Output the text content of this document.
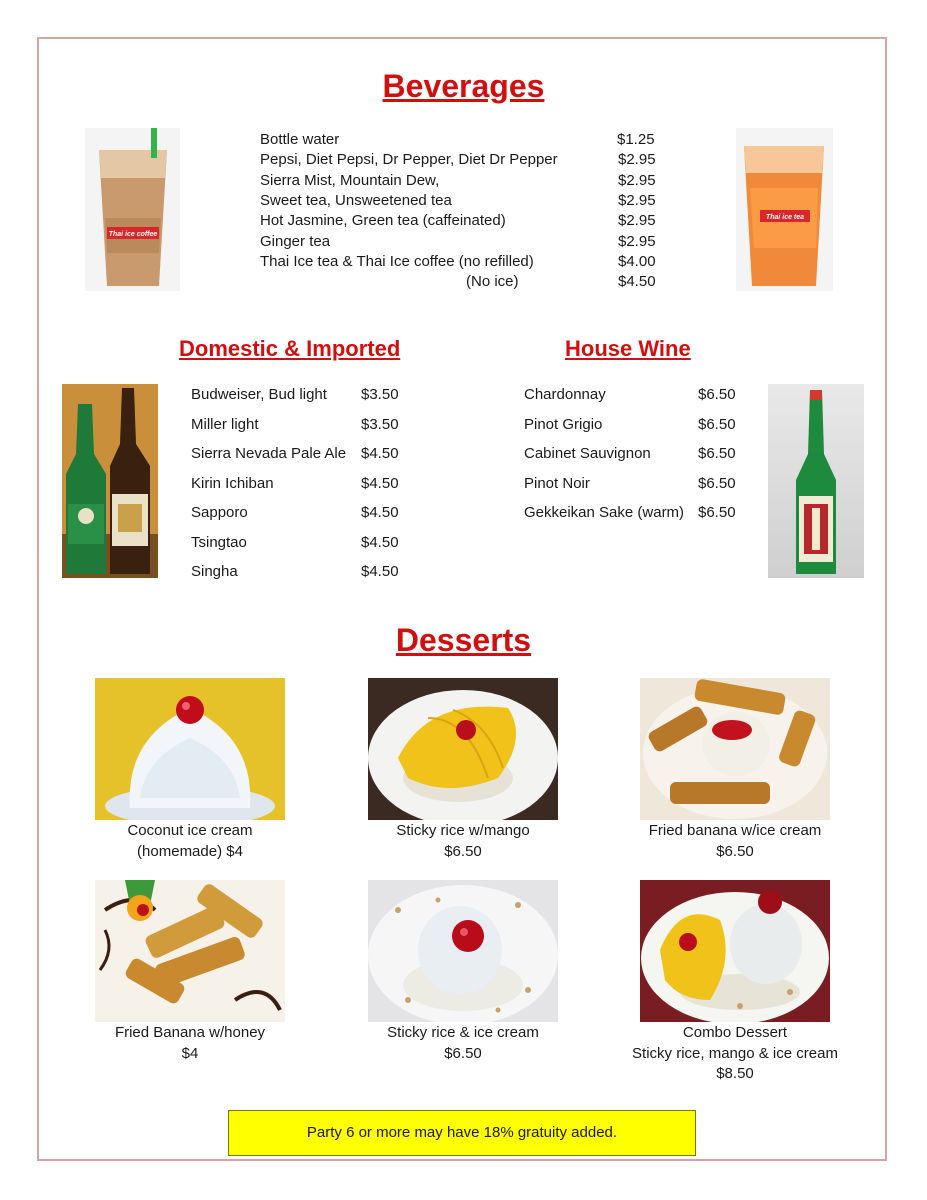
Beverages
Thai ice coffee
Thai ice tea
Bottle water	$1.25
Pepsi, Diet Pepsi, Dr Pepper, Diet Dr Pepper	$2.95
Sierra Mist, Mountain Dew,	$2.95
Sweet tea, Unsweetened tea	$2.95
Hot Jasmine, Green tea (caffeinated)	$2.95
Ginger tea	$2.95
Thai Ice tea & Thai Ice coffee (no refilled)	$4.00
(No ice)	$4.50
Domestic & Imported
Budweiser, Bud light $3.50
Miller light	$3.50
Sierra Nevada Pale Ale $4.50
Kirin Ichiban	$4.50
Sapporo	$4.50
Tsingtao	$4.50
Singha	$4.50
House Wine
Chardonnay	$6.50
Pinot Grigio	$6.50
Cabinet Sauvignon	$6.50
Pinot Noir	$6.50
Gekkeikan Sake (warm) $6.50
Desserts
Coconut ice cream
(homemade) $4
Sticky rice w/mango
$6.50
Fried banana w/ice cream
$6.50
Fried Banana w/honey
$4
Sticky rice & ice cream
$6.50
Combo Dessert
Sticky rice, mango & ice cream
$8.50
Party 6 or more may have 18% gratuity added.
